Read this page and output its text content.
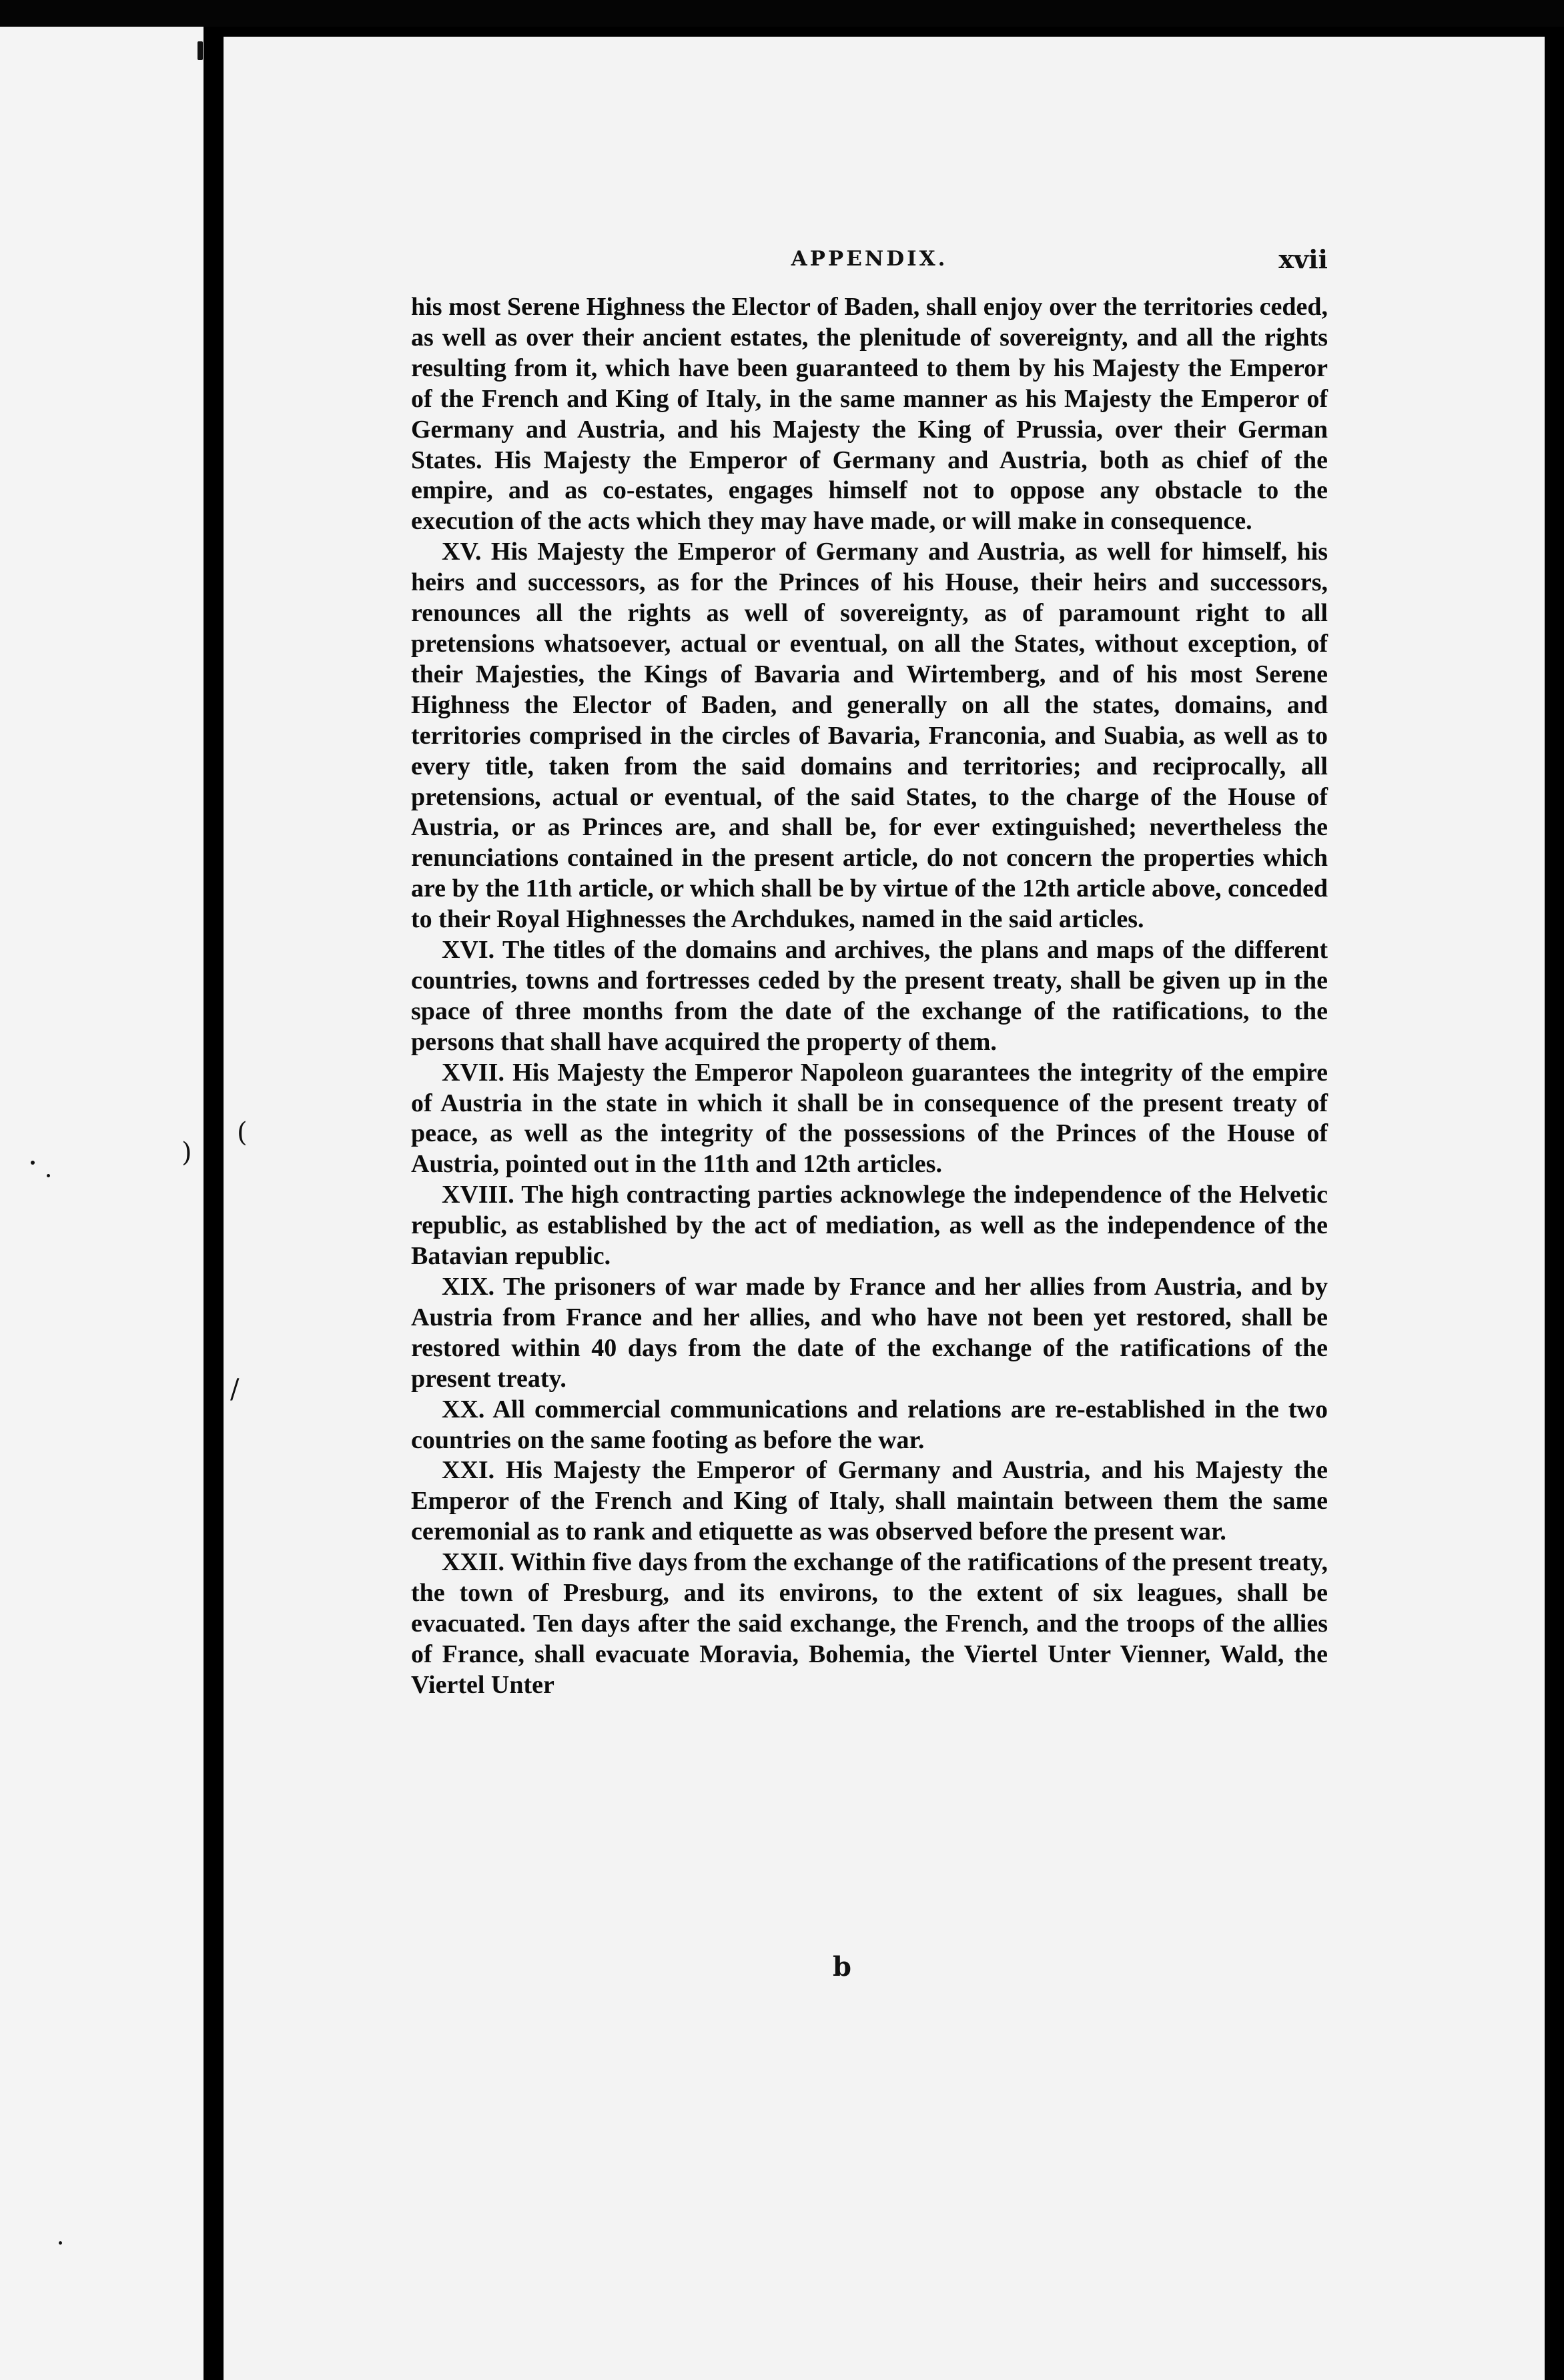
)
(
/
APPENDIX.	xvii

his most Serene Highness the Elector of Baden, shall enjoy over the territories ceded, as well as over their ancient estates, the plenitude of sovereignty, and all the rights resulting from it, which have been guaranteed to them by his Majesty the Emperor of the French and King of Italy, in the same manner as his Majesty the Emperor of Germany and Austria, and his Majesty the King of Prussia, over their German States. His Majesty the Emperor of Germany and Austria, both as chief of the empire, and as co-estates, engages himself not to oppose any obstacle to the execution of the acts which they may have made, or will make in consequence.

XV. His Majesty the Emperor of Germany and Austria, as well for himself, his heirs and successors, as for the Princes of his House, their heirs and successors, renounces all the rights as well of sovereignty, as of paramount right to all pretensions whatsoever, actual or eventual, on all the States, without exception, of their Majesties, the Kings of Bavaria and Wirtemberg, and of his most Serene Highness the Elector of Baden, and generally on all the states, domains, and territories comprised in the circles of Bavaria, Franconia, and Suabia, as well as to every title, taken from the said domains and territories; and reciprocally, all pretensions, actual or eventual, of the said States, to the charge of the House of Austria, or as Princes are, and shall be, for ever extinguished; nevertheless the renunciations contained in the present article, do not concern the properties which are by the 11th article, or which shall be by virtue of the 12th article above, conceded to their Royal Highnesses the Archdukes, named in the said articles.

XVI. The titles of the domains and archives, the plans and maps of the different countries, towns and fortresses ceded by the present treaty, shall be given up in the space of three months from the date of the exchange of the ratifications, to the persons that shall have acquired the property of them.

XVII. His Majesty the Emperor Napoleon guarantees the integrity of the empire of Austria in the state in which it shall be in consequence of the present treaty of peace, as well as the integrity of the possessions of the Princes of the House of Austria, pointed out in the 11th and 12th articles.

XVIII. The high contracting parties acknowlege the independence of the Helvetic republic, as established by the act of mediation, as well as the independence of the Batavian republic.

XIX. The prisoners of war made by France and her allies from Austria, and by Austria from France and her allies, and who have not been yet restored, shall be restored within 40 days from the date of the exchange of the ratifications of the present treaty.

XX. All commercial communications and relations are re-established in the two countries on the same footing as before the war.

XXI. His Majesty the Emperor of Germany and Austria, and his Majesty the Emperor of the French and King of Italy, shall maintain between them the same ceremonial as to rank and etiquette as was observed before the present war.

XXII. Within five days from the exchange of the ratifications of the present treaty, the town of Presburg, and its environs, to the extent of six leagues, shall be evacuated. Ten days after the said exchange, the French, and the troops of the allies of France, shall evacuate Moravia, Bohemia, the Viertel Unter Vienner, Wald, the Viertel Unter

b
